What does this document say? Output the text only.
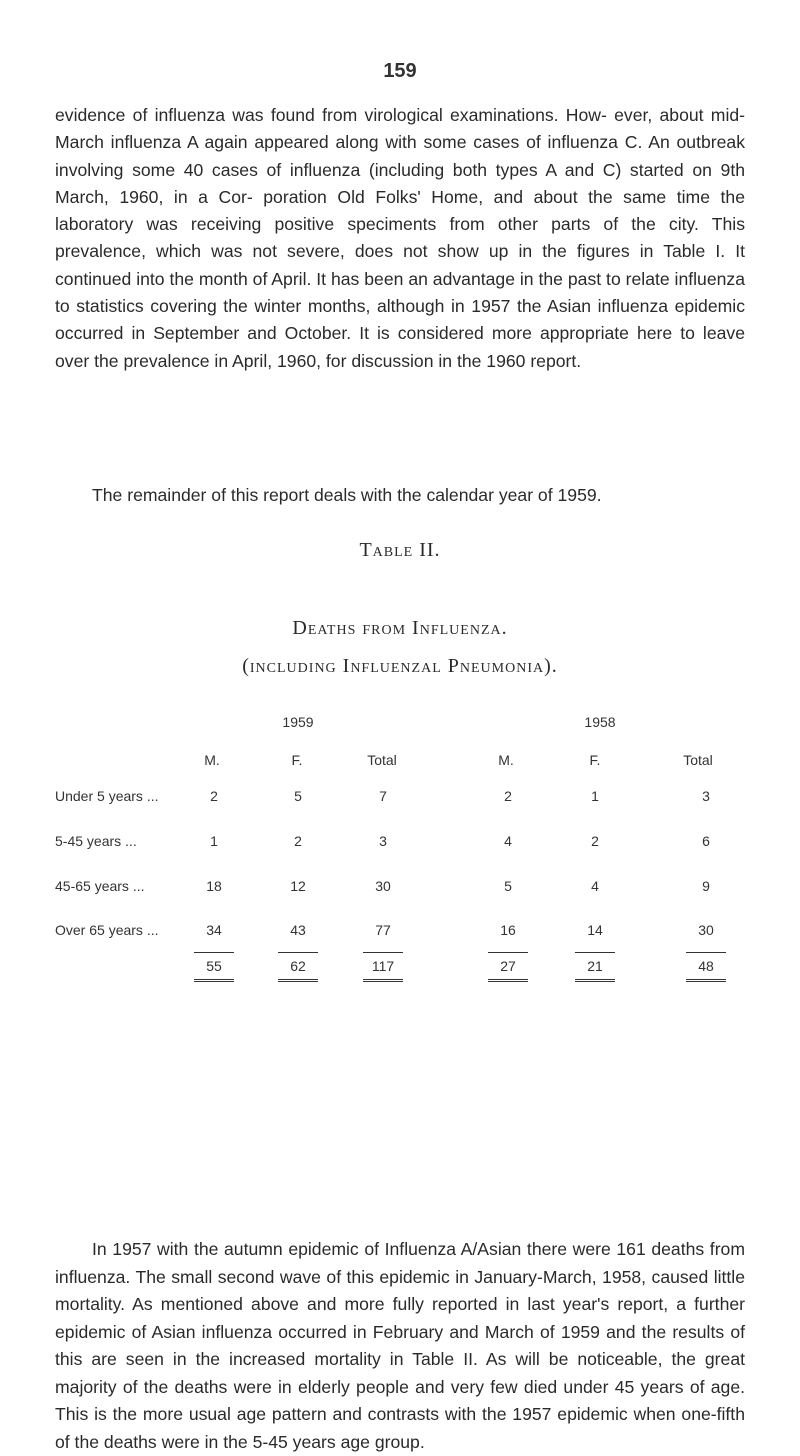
159

evidence of influenza was found from virological examinations. How- ever, about mid-March influenza A again appeared along with some cases of influenza C. An outbreak involving some 40 cases of influenza (including both types A and C) started on 9th March, 1960, in a Cor- poration Old Folks' Home, and about the same time the laboratory was receiving positive speciments from other parts of the city. This prevalence, which was not severe, does not show up in the figures in Table I. It continued into the month of April. It has been an advantage in the past to relate influenza to statistics covering the winter months, although in 1957 the Asian influenza epidemic occurred in September and October. It is considered more appropriate here to leave over the prevalence in April, 1960, for discussion in the 1960 report.

The remainder of this report deals with the calendar year of 1959.

Table II.
Deaths from Influenza.
(including Influenzal Pneumonia).
1959	1958
M.	F.	Total	M.	F.	Total
Under 5 years ...	2	5	7	2	1	3
5-45 years ...	1	2	3	4	2	6
45-65 years ...	18	12	30	5	4	9
Over 65 years ...	34	43	77	16	14	30
55	62	117	27	21	48

In 1957 with the autumn epidemic of Influenza A/Asian there were 161 deaths from influenza. The small second wave of this epidemic in January-March, 1958, caused little mortality. As mentioned above and more fully reported in last year's report, a further epidemic of Asian influenza occurred in February and March of 1959 and the results of this are seen in the increased mortality in Table II. As will be noticeable, the great majority of the deaths were in elderly people and very few died under 45 years of age. This is the more usual age pattern and contrasts with the 1957 epidemic when one-fifth of the deaths were in the 5-45 years age group.
